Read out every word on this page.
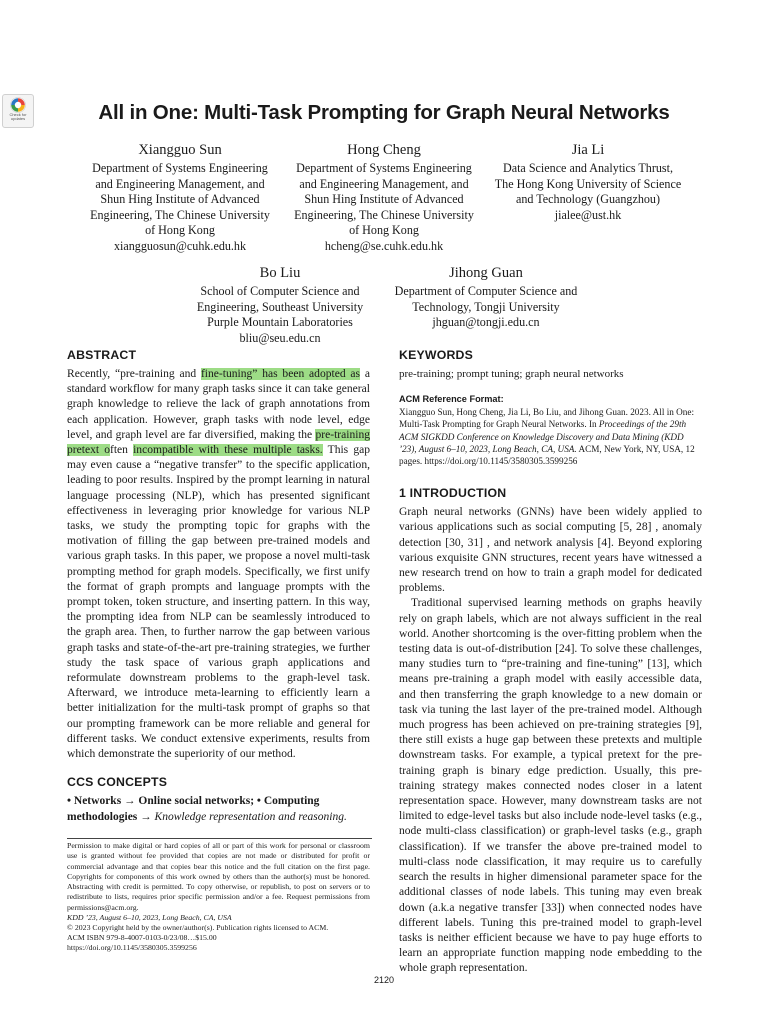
Check for updates	All in One: Multi-Task Prompting for Graph Neural Networks
Xiangguo Sun
Department of Systems Engineering
and Engineering Management, and
Shun Hing Institute of Advanced
Engineering, The Chinese University
of Hong Kong
xiangguosun@cuhk.edu.hk
Hong Cheng
Department of Systems Engineering
and Engineering Management, and
Shun Hing Institute of Advanced
Engineering, The Chinese University
of Hong Kong
hcheng@se.cuhk.edu.hk
Jia Li
Data Science and Analytics Thrust,
The Hong Kong University of Science
and Technology (Guangzhou)
jialee@ust.hk
Bo Liu
School of Computer Science and
Engineering, Southeast University
Purple Mountain Laboratories
bliu@seu.edu.cn
Jihong Guan
Department of Computer Science and
Technology, Tongji University
jhguan@tongji.edu.cn
ABSTRACT

Recently, “pre-training and fine-tuning” has been adopted as a standard workflow for many graph tasks since it can take general graph knowledge to relieve the lack of graph annotations from each application. However, graph tasks with node level, edge level, and graph level are far diversified, making the pre-training pretext often incompatible with these multiple tasks. This gap may even cause a “negative transfer” to the specific application, leading to poor results. Inspired by the prompt learning in natural language processing (NLP), which has presented significant effectiveness in leveraging prior knowledge for various NLP tasks, we study the prompting topic for graphs with the motivation of filling the gap between pre-trained models and various graph tasks. In this paper, we propose a novel multi-task prompting method for graph models. Specifically, we first unify the format of graph prompts and language prompts with the prompt token, token structure, and inserting pattern. In this way, the prompting idea from NLP can be seamlessly introduced to the graph area. Then, to further narrow the gap between various graph tasks and state-of-the-art pre-training strategies, we further study the task space of various graph applications and reformulate downstream problems to the graph-level task. Afterward, we introduce meta-learning to efficiently learn a better initialization for the multi-task prompt of graphs so that our prompting framework can be more reliable and general for different tasks. We conduct extensive experiments, results from which demonstrate the superiority of our method.

CCS CONCEPTS

• Networks → Online social networks; • Computing methodologies → Knowledge representation and reasoning.

Permission to make digital or hard copies of all or part of this work for personal or classroom use is granted without fee provided that copies are not made or distributed for profit or commercial advantage and that copies bear this notice and the full citation on the first page. Copyrights for components of this work owned by others than the author(s) must be honored. Abstracting with credit is permitted. To copy otherwise, or republish, to post on servers or to redistribute to lists, requires prior specific permission and/or a fee. Request permissions from permissions@acm.org.

KDD ’23, August 6–10, 2023, Long Beach, CA, USA

© 2023 Copyright held by the owner/author(s). Publication rights licensed to ACM.

ACM ISBN 979-8-4007-0103-0/23/08…$15.00

https://doi.org/10.1145/3580305.3599256

KEYWORDS

pre-training; prompt tuning; graph neural networks

ACM Reference Format:

Xiangguo Sun, Hong Cheng, Jia Li, Bo Liu, and Jihong Guan. 2023. All in One: Multi-Task Prompting for Graph Neural Networks. In Proceedings of the 29th ACM SIGKDD Conference on Knowledge Discovery and Data Mining (KDD ’23), August 6–10, 2023, Long Beach, CA, USA. ACM, New York, NY, USA, 12 pages. https://doi.org/10.1145/3580305.3599256

1 INTRODUCTION

Graph neural networks (GNNs) have been widely applied to various applications such as social computing [5, 28] , anomaly detection [30, 31] , and network analysis [4]. Beyond exploring various exquisite GNN structures, recent years have witnessed a new research trend on how to train a graph model for dedicated problems.

Traditional supervised learning methods on graphs heavily rely on graph labels, which are not always sufficient in the real world. Another shortcoming is the over-fitting problem when the testing data is out-of-distribution [24]. To solve these challenges, many studies turn to “pre-training and fine-tuning” [13], which means pre-training a graph model with easily accessible data, and then transferring the graph knowledge to a new domain or task via tuning the last layer of the pre-trained model. Although much progress has been achieved on pre-training strategies [9], there still exists a huge gap between these pretexts and multiple downstream tasks. For example, a typical pretext for the pre-training graph is binary edge prediction. Usually, this pre-training strategy makes connected nodes closer in a latent representation space. However, many downstream tasks are not limited to edge-level tasks but also include node-level tasks (e.g., node multi-class classification) or graph-level tasks (e.g., graph classification). If we transfer the above pre-trained model to multi-class node classification, it may require us to carefully search the results in higher dimensional parameter space for the additional classes of node labels. This tuning may even break down (a.k.a negative transfer [33]) when connected nodes have different labels. Tuning this pre-trained model to graph-level tasks is neither efficient because we have to pay huge efforts to learn an appropriate function mapping node embedding to the whole graph representation.

2120
